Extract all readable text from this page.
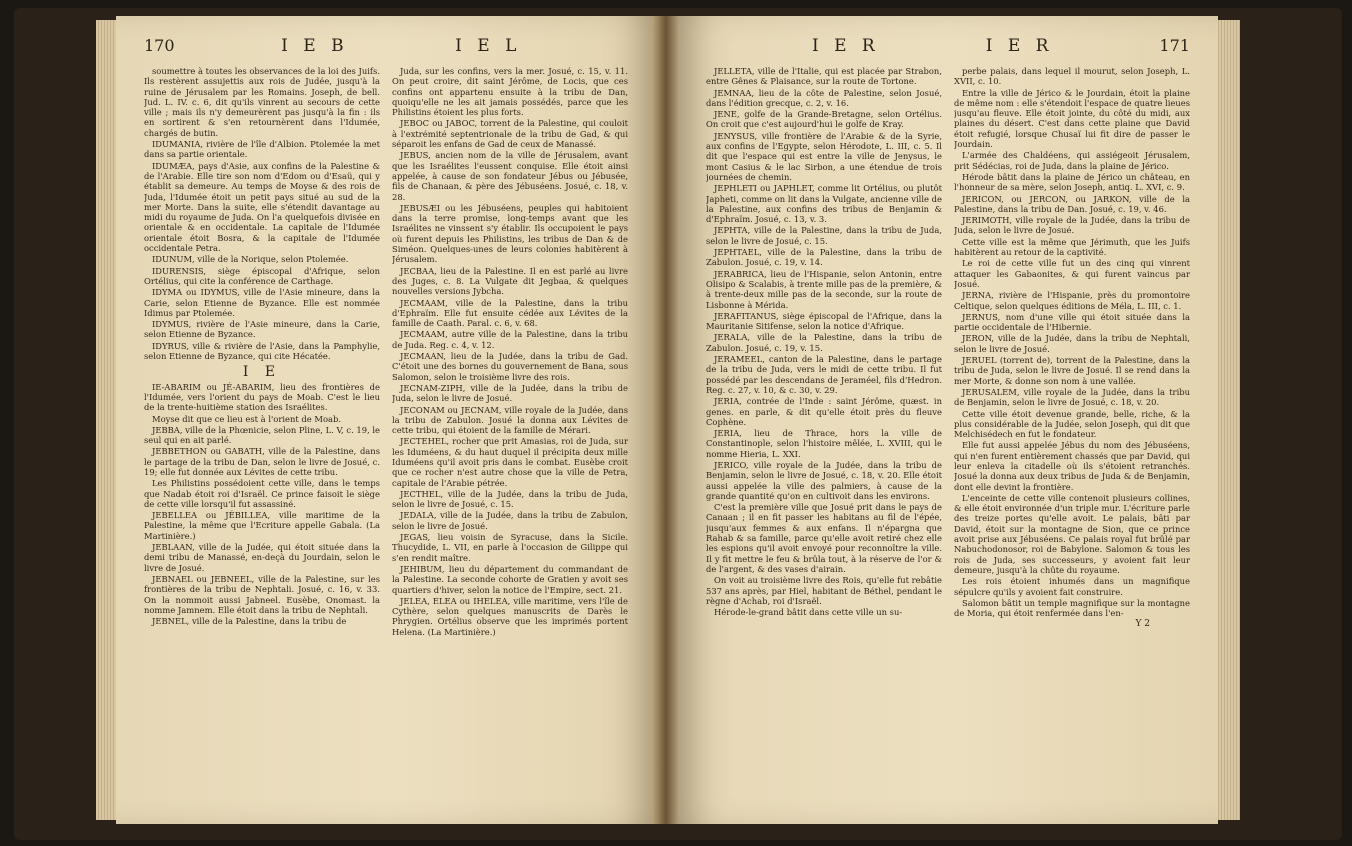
170	I E B	I E L

soumettre à toutes les observances de la loi des Juifs. Ils restèrent assujettis aux rois de Judée, jusqu'à la ruine de Jérusalem par les Romains. Joseph, de bell. Jud. L. IV. c. 6, dit qu'ils vinrent au secours de cette ville ; mais ils n'y demeurèrent pas jusqu'à la fin : ils en sortirent & s'en retournèrent dans l'Idumée, chargés de butin.

IDUMANIA, rivière de l'île d'Albion. Ptolemée la met dans sa partie orientale.

IDUMÆA, pays d'Asie, aux confins de la Palestine & de l'Arabie. Elle tire son nom d'Edom ou d'Esaü, qui y établit sa demeure. Au temps de Moyse & des rois de Juda, l'Idumée étoit un petit pays situé au sud de la mer Morte. Dans la suite, elle s'étendit davantage au midi du royaume de Juda. On l'a quelquefois divisée en orientale & en occidentale. La capitale de l'Idumée orientale étoit Bosra, & la capitale de l'Idumée occidentale Petra.

IDUNUM, ville de la Norique, selon Ptolemée.

IDURENSIS, siège épiscopal d'Afrique, selon Ortélius, qui cite la conférence de Carthage.

IDYMA ou IDYMUS, ville de l'Asie mineure, dans la Carie, selon Etienne de Byzance. Elle est nommée Idimus par Ptolemée.

IDYMUS, rivière de l'Asie mineure, dans la Carie, selon Etienne de Byzance.

IDYRUS, ville & rivière de l'Asie, dans la Pamphylie, selon Etienne de Byzance, qui cite Hécatée.

I E

IE-ABARIM ou JÉ-ABARIM, lieu des frontières de l'Idumée, vers l'orient du pays de Moab. C'est le lieu de la trente-huitième station des Israélites.

Moyse dit que ce lieu est à l'orient de Moab.

JEBBA, ville de la Phœnicie, selon Pline, L. V, c. 19, le seul qui en ait parlé.

JEBBETHON ou GABATH, ville de la Palestine, dans le partage de la tribu de Dan, selon le livre de Josué, c. 19; elle fut donnée aux Lévites de cette tribu.

Les Philistins possédoient cette ville, dans le temps que Nadab étoit roi d'Israël. Ce prince faisoit le siège de cette ville lorsqu'il fut assassiné.

JEBELLEA ou JÉBILLEA, ville maritime de la Palestine, la même que l'Ecriture appelle Gabala. (La Martinière.)

JEBLAAN, ville de la Judée, qui étoit située dans la demi tribu de Manassé, en-deçà du Jourdain, selon le livre de Josué.

JEBNAEL ou JEBNEEL, ville de la Palestine, sur les frontières de la tribu de Nephtali. Josué, c. 16, v. 33. On la nommoit aussi Jabneel. Eusèbe, Onomast. la nomme Jamnem. Elle étoit dans la tribu de Nephtali.

JEBNEL, ville de la Palestine, dans la tribu de

Juda, sur les confins, vers la mer. Josué, c. 15, v. 11. On peut croire, dit saint Jérôme, de Locis, que ces confins ont appartenu ensuite à la tribu de Dan, quoiqu'elle ne les ait jamais possédés, parce que les Philistins étoient les plus forts.

JEBOC ou JABOC, torrent de la Palestine, qui couloit à l'extrémité septentrionale de la tribu de Gad, & qui séparoit les enfans de Gad de ceux de Manassé.

JEBUS, ancien nom de la ville de Jérusalem, avant que les Israélites l'eussent conquise. Elle étoit ainsi appelée, à cause de son fondateur Jébus ou Jébusée, fils de Chanaan, & père des Jébuséens. Josué, c. 18, v. 28.

JEBUSÆI ou les Jébuséens, peuples qui habitoient dans la terre promise, long-temps avant que les Israélites ne vinssent s'y établir. Ils occupoient le pays où furent depuis les Philistins, les tribus de Dan & de Siméon. Quelques-unes de leurs colonies habitèrent à Jérusalem.

JECBAA, lieu de la Palestine. Il en est parlé au livre des Juges, c. 8. La Vulgate dit Jegbaa, & quelques nouvelles versions Jybcha.

JECMAAM, ville de la Palestine, dans la tribu d'Ephraïm. Elle fut ensuite cédée aux Lévites de la famille de Caath. Paral. c. 6, v. 68.

JECMAAM, autre ville de la Palestine, dans la tribu de Juda. Reg. c. 4, v. 12.

JECMAAN, lieu de la Judée, dans la tribu de Gad. C'étoit une des bornes du gouvernement de Bana, sous Salomon, selon le troisième livre des rois.

JECNAM-ZIPH, ville de la Judée, dans la tribu de Juda, selon le livre de Josué.

JECONAM ou JECNAM, ville royale de la Judée, dans la tribu de Zabulon. Josué la donna aux Lévites de cette tribu, qui étoient de la famille de Mérari.

JECTEHEL, rocher que prit Amasias, roi de Juda, sur les Iduméens, & du haut duquel il précipita deux mille Iduméens qu'il avoit pris dans le combat. Eusèbe croit que ce rocher n'est autre chose que la ville de Petra, capitale de l'Arabie pétrée.

JECTHEL, ville de la Judée, dans la tribu de Juda, selon le livre de Josué, c. 15.

JEDALA, ville de la Judée, dans la tribu de Zabulon, selon le livre de Josué.

JEGAS, lieu voisin de Syracuse, dans la Sicile. Thucydide, L. VII, en parle à l'occasion de Gilippe qui s'en rendit maître.

JEHIBUM, lieu du département du commandant de la Palestine. La seconde cohorte de Gratien y avoit ses quartiers d'hiver, selon la notice de l'Empire, sect. 21.

JELEA, ELEA ou IHELEA, ville maritime, vers l'île de Cythère, selon quelques manuscrits de Darès le Phrygien. Ortélius observe que les imprimés portent Helena. (La Martinière.)

I E R	I E R	171

JELLETA, ville de l'Italie, qui est placée par Strabon, entre Gênes & Plaisance, sur la route de Tortone.

JEMNAA, lieu de la côte de Palestine, selon Josué, dans l'édition grecque, c. 2, v. 16.

JENE, golfe de la Grande-Bretagne, selon Ortélius. On croit que c'est aujourd'hui le golfe de Kray.

JENYSUS, ville frontière de l'Arabie & de la Syrie, aux confins de l'Egypte, selon Hérodote, L. III, c. 5. Il dit que l'espace qui est entre la ville de Jenysus, le mont Casius & le lac Sirbon, a une étendue de trois journées de chemin.

JEPHLETI ou JAPHLET, comme lit Ortélius, ou plutôt Japheti, comme on lit dans la Vulgate, ancienne ville de la Palestine, aux confins des tribus de Benjamin & d'Ephraïm. Josué, c. 13, v. 3.

JEPHTA, ville de la Palestine, dans la tribu de Juda, selon le livre de Josué, c. 15.

JEPHTAEL, ville de la Palestine, dans la tribu de Zabulon. Josué, c. 19, v. 14.

JERABRICA, lieu de l'Hispanie, selon Antonin, entre Olisipo & Scalabis, à trente mille pas de la première, & à trente-deux mille pas de la seconde, sur la route de Lisbonne à Mérida.

JERAFITANUS, siège épiscopal de l'Afrique, dans la Mauritanie Sitifense, selon la notice d'Afrique.

JERALA, ville de la Palestine, dans la tribu de Zabulon. Josué, c. 19, v. 15.

JERAMEEL, canton de la Palestine, dans le partage de la tribu de Juda, vers le midi de cette tribu. Il fut possédé par les descendans de Jeraméel, fils d'Hedron. Reg. c. 27, v. 10, & c. 30, v. 29.

JERIA, contrée de l'Inde : saint Jérôme, quæst. in genes. en parle, & dit qu'elle étoit près du fleuve Cophène.

JERIA, lieu de Thrace, hors la ville de Constantinople, selon l'histoire mêlée, L. XVIII, qui le nomme Hieria, L. XXI.

JERICO, ville royale de la Judée, dans la tribu de Benjamin, selon le livre de Josué, c. 18, v. 20. Elle étoit aussi appelée la ville des palmiers, à cause de la grande quantité qu'on en cultivoit dans les environs.

C'est la première ville que Josué prit dans le pays de Canaan ; il en fit passer les habitans au fil de l'épée, jusqu'aux femmes & aux enfans. Il n'épargna que Rahab & sa famille, parce qu'elle avoit retiré chez elle les espions qu'il avoit envoyé pour reconnoître la ville. Il y fit mettre le feu & brûla tout, à la réserve de l'or & de l'argent, & des vases d'airain.

On voit au troisième livre des Rois, qu'elle fut rebâtie 537 ans après, par Hiel, habitant de Béthel, pendant le règne d'Achab, roi d'Israël.

Hérode-le-grand bâtit dans cette ville un su-

perbe palais, dans lequel il mourut, selon Joseph, L. XVII, c. 10.

Entre la ville de Jérico & le Jourdain, étoit la plaine de même nom : elle s'étendoit l'espace de quatre lieues jusqu'au fleuve. Elle étoit jointe, du côté du midi, aux plaines du désert. C'est dans cette plaine que David étoit refugié, lorsque Chusaï lui fit dire de passer le Jourdain.

L'armée des Chaldéens, qui assiégeoit Jérusalem, prit Sédécias, roi de Juda, dans la plaine de Jérico.

Hérode bâtit dans la plaine de Jérico un château, en l'honneur de sa mère, selon Joseph, antiq. L. XVI, c. 9.

JERICON, ou JERCON, ou JARKON, ville de la Palestine, dans la tribu de Dan. Josué, c. 19, v. 46.

JERIMOTH, ville royale de la Judée, dans la tribu de Juda, selon le livre de Josué.

Cette ville est la même que Jérimuth, que les Juifs habitèrent au retour de la captivité.

Le roi de cette ville fut un des cinq qui vinrent attaquer les Gabaonites, & qui furent vaincus par Josué.

JERNA, rivière de l'Hispanie, près du promontoire Celtique, selon quelques éditions de Méla, L. III, c. 1.

JERNUS, nom d'une ville qui étoit située dans la partie occidentale de l'Hibernie.

JERON, ville de la Judée, dans la tribu de Nephtali, selon le livre de Josué.

JERUEL (torrent de), torrent de la Palestine, dans la tribu de Juda, selon le livre de Josué. Il se rend dans la mer Morte, & donne son nom à une vallée.

JERUSALEM, ville royale de la Judée, dans la tribu de Benjamin, selon le livre de Josué, c. 18, v. 20.

Cette ville étoit devenue grande, belle, riche, & la plus considérable de la Judée, selon Joseph, qui dit que Melchisédech en fut le fondateur.

Elle fut aussi appelée Jébus du nom des Jébuséens, qui n'en furent entièrement chassés que par David, qui leur enleva la citadelle où ils s'étoient retranchés. Josué la donna aux deux tribus de Juda & de Benjamin, dont elle devint la frontière.

L'enceinte de cette ville contenoit plusieurs collines, & elle étoit environnée d'un triple mur. L'écriture parle des treize portes qu'elle avoit. Le palais, bâti par David, étoit sur la montagne de Sion, que ce prince avoit prise aux Jébuséens. Ce palais royal fut brûlé par Nabuchodonosor, roi de Babylone. Salomon & tous les rois de Juda, ses successeurs, y avoient fait leur demeure, jusqu'à la chûte du royaume.

Les rois étoient inhumés dans un magnifique sépulcre qu'ils y avoient fait construire.

Salomon bâtit un temple magnifique sur la montagne de Moria, qui étoit renfermée dans l'en-

Y 2
